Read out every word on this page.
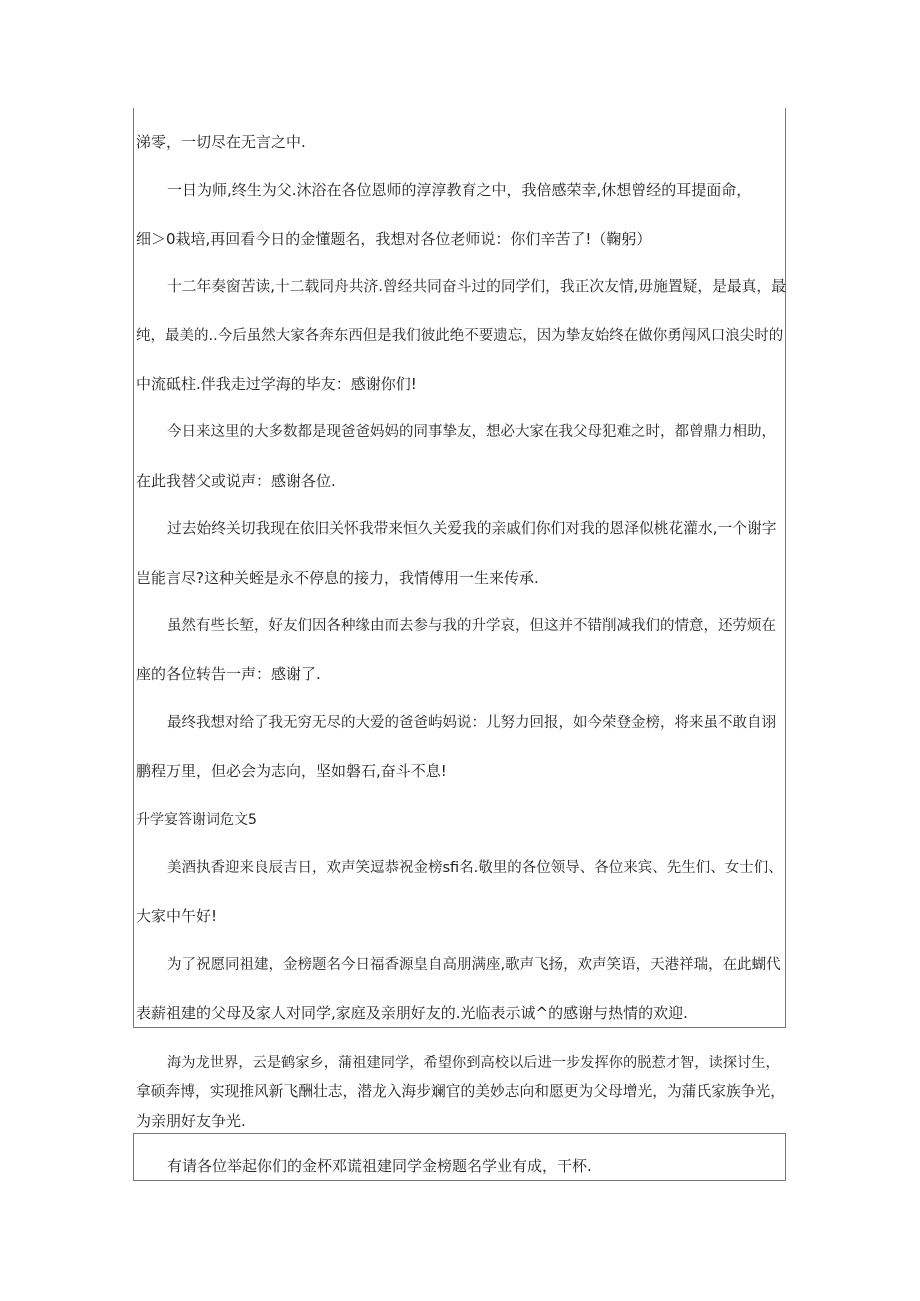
涕零，一切尽在无言之中.
一日为师,终生为父.沐浴在各位恩师的淳淳教育之中，我倍感荣幸,休想曾经的耳提面命，
细＞0栽培,再回看今日的金懂题名，我想对各位老师说：你们辛苦了!（鞠躬）
十二年奏窗苦读,十二载同舟共济.曾经共同奋斗过的同学们，我正次友情,毋施置疑，是最真，最
纯，最美的..今后虽然大家各奔东西但是我们彼此绝不要遗忘，因为挚友始终在做你勇闯风口浪尖时的
中流砥柱.伴我走过学海的毕友：感谢你们!
今日来这里的大多数都是现爸爸妈妈的同事挚友，想必大家在我父母犯难之时，都曾鼎力相助，
在此我替父或说声：感谢各位.
过去始终关切我现在依旧关怀我带来恒久关爱我的亲戚们你们对我的恩泽似桃花灌水,一个谢字
岂能言尽?这种关蛭是永不停息的接力，我情傅用一生来传承.
虽然有些长堑，好友们因各种缘由而去参与我的升学哀，但这并不错削减我们的情意，还劳烦在
座的各位转告一声：感谢了.
最终我想对给了我无穷无尽的大爱的爸爸屿妈说：儿努力回报，如今荣登金榜，将来虽不敢自诩
鹏程万里，但必会为志向，坚如磐石,奋斗不息!
升学宴答谢词危文5
美酒执香迎来良辰吉日，欢声笑逗恭祝金榜sfi名.敬里的各位领导、各位来宾、先生们、女士们、
大家中午好!
为了祝愿同祖建，金榜题名今日福香源皇自高朋满座,歌声飞扬，欢声笑语，天港祥瑞，在此蝴代
表薪祖建的父母及家人对同学,家庭及亲朋好友的.光临表示诚^的感谢与热情的欢迎.
海为龙世界，云是鹤家乡，蒲祖建同学，希望你到高校以后进一步发挥你的脱惹才智，读探讨生，
拿硕奔博，实现推风新飞酬壮志，潜龙入海步斓官的美妙志向和愿更为父母增光，为蒲氏家族争光，
为亲朋好友争光.
有请各位举起你们的金杯邓谎祖建同学金榜题名学业有成，干杯.
